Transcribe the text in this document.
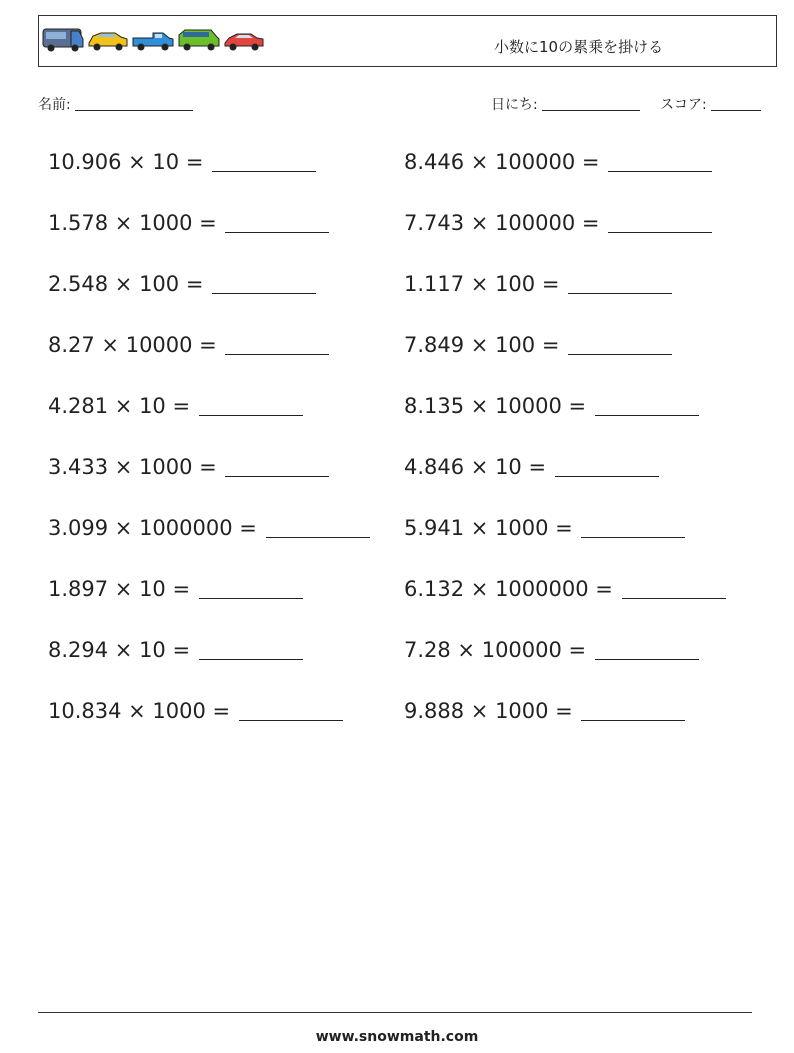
小数に10の累乗を掛ける
名前:	日にち:	スコア:
10.906 × 10 =
1.578 × 1000 =
2.548 × 100 =
8.27 × 10000 =
4.281 × 10 =
3.433 × 1000 =
3.099 × 1000000 =
1.897 × 10 =
8.294 × 10 =
10.834 × 1000 =
8.446 × 100000 =
7.743 × 100000 =
1.117 × 100 =
7.849 × 100 =
8.135 × 10000 =
4.846 × 10 =
5.941 × 1000 =
6.132 × 1000000 =
7.28 × 100000 =
9.888 × 1000 =
www.snowmath.com
